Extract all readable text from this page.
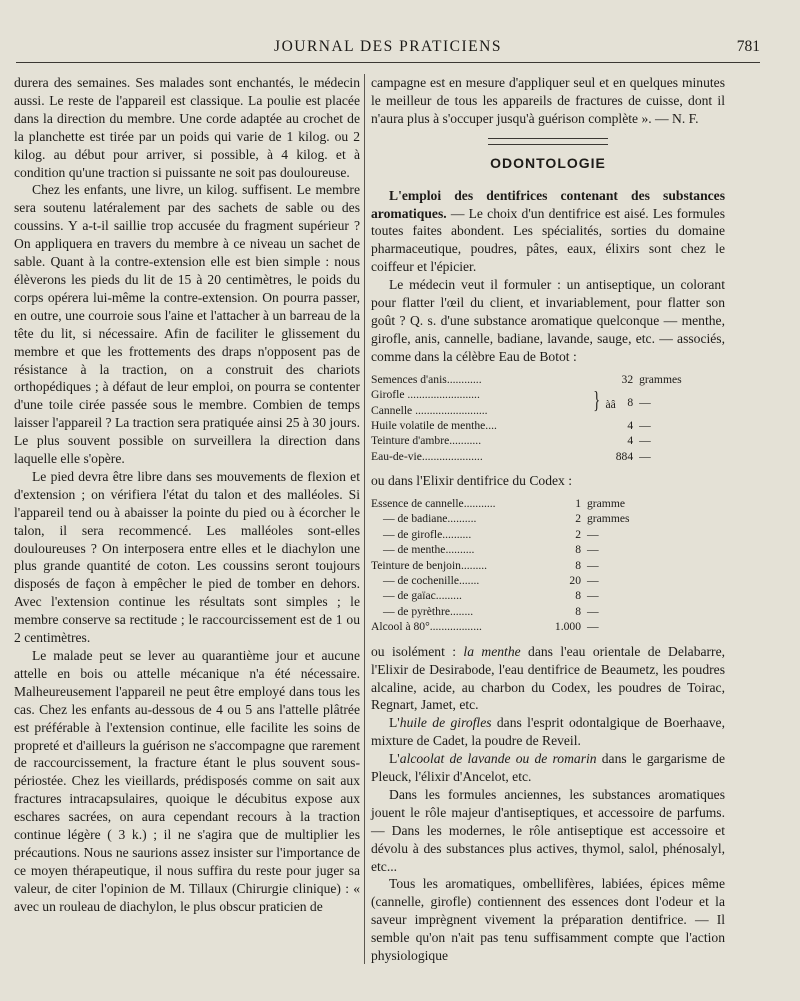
JOURNAL DES PRATICIENS	781

durera des semaines. Ses malades sont enchantés, le médecin aussi. Le reste de l'appareil est classique. La poulie est placée dans la direction du membre. Une corde adaptée au crochet de la planchette est tirée par un poids qui varie de 1 kilog. ou 2 kilog. au début pour arriver, si possible, à 4 kilog. et à condition qu'une traction si puissante ne soit pas douloureuse.

Chez les enfants, une livre, un kilog. suffisent. Le membre sera soutenu latéralement par des sachets de sable ou des coussins. Y a-t-il saillie trop accusée du fragment supérieur ? On appliquera en travers du membre à ce niveau un sachet de sable. Quant à la contre-extension elle est bien simple : nous élèverons les pieds du lit de 15 à 20 centimètres, le poids du corps opérera lui-même la contre-extension. On pourra passer, en outre, une courroie sous l'aine et l'attacher à un barreau de la tête du lit, si nécessaire. Afin de faciliter le glissement du membre et que les frottements des draps n'opposent pas de résistance à la traction, on a construit des chariots orthopédiques ; à défaut de leur emploi, on pourra se contenter d'une toile cirée passée sous le membre. Combien de temps laisser l'appareil ? La traction sera pratiquée ainsi 25 à 30 jours. Le plus souvent possible on surveillera la direction dans laquelle elle s'opère.

Le pied devra être libre dans ses mouvements de flexion et d'extension ; on vérifiera l'état du talon et des malléoles. Si l'appareil tend ou à abaisser la pointe du pied ou à écorcher le talon, il sera recommencé. Les malléoles sont-elles douloureuses ? On interposera entre elles et le diachylon une plus grande quantité de coton. Les coussins seront toujours disposés de façon à empêcher le pied de tomber en dehors. Avec l'extension continue les résultats sont simples ; le membre conserve sa rectitude ; le raccourcissement est de 1 ou 2 centimètres.

Le malade peut se lever au quarantième jour et aucune attelle en bois ou attelle mécanique n'a été nécessaire. Malheureusement l'appareil ne peut être employé dans tous les cas. Chez les enfants au-dessous de 4 ou 5 ans l'attelle plâtrée est préférable à l'extension continue, elle facilite les soins de propreté et d'ailleurs la guérison ne s'accompagne que rarement de raccourcissement, la fracture étant le plus souvent sous-périostée. Chez les vieillards, prédisposés comme on sait aux fractures intracapsulaires, quoique le décubitus expose aux eschares sacrées, on aura cependant recours à la traction continue légère ( 3 k.) ; il ne s'agira que de multiplier les précautions. Nous ne saurions assez insister sur l'importance de ce moyen thérapeutique, il nous suffira du reste pour juger sa valeur, de citer l'opinion de M. Tillaux (Chirurgie clinique) : « avec un rouleau de diachylon, le plus obscur praticien de

campagne est en mesure d'appliquer seul et en quelques minutes le meilleur de tous les appareils de fractures de cuisse, dont il n'aura plus à s'occuper jusqu'à guérison complète ». — N. F.

ODONTOLOGIE

L'emploi des dentifrices contenant des substances aromatiques. — Le choix d'un dentifrice est aisé. Les formules toutes faites abondent. Les spécialités, sorties du domaine pharmaceutique, poudres, pâtes, eaux, élixirs sont chez le coiffeur et l'épicier.

Le médecin veut il formuler : un antiseptique, un colorant pour flatter l'œil du client, et invariablement, pour flatter son goût ? Q. s. d'une substance aromatique quelconque — menthe, girofle, anis, cannelle, badiane, lavande, sauge, etc. — associés, comme dans la célèbre Eau de Botot :

Semences d'anis............		32	grammes
Girofle .........................	} àâ	8	—
Cannelle .........................			
Huile volatile de menthe....		4	—
Teinture d'ambre...........		4	—
Eau-de-vie.....................		884	—

ou dans l'Elixir dentifrice du Codex :

Essence de cannelle...........	1	gramme
— de badiane..........	2	grammes
— de girofle..........	2	—
— de menthe..........	8	—
Teinture de benjoin.........	8	—
— de cochenille.......	20	—
— de gaïac.........	8	—
— de pyrèthre........	8	—
Alcool à 80°..................	1.000	—

ou isolément : la menthe dans l'eau orientale de Delabarre, l'Elixir de Desirabode, l'eau dentifrice de Beaumetz, les poudres alcaline, acide, au charbon du Codex, les poudres de Toirac, Regnart, Jamet, etc.

L'huile de girofles dans l'esprit odontalgique de Boerhaave, mixture de Cadet, la poudre de Reveil.

L'alcoolat de lavande ou de romarin dans le gargarisme de Pleuck, l'élixir d'Ancelot, etc.

Dans les formules anciennes, les substances aromatiques jouent le rôle majeur d'antiseptiques, et accessoire de parfums. — Dans les modernes, le rôle antiseptique est accessoire et dévolu à des substances plus actives, thymol, salol, phénosalyl, etc...

Tous les aromatiques, ombellifères, labiées, épices même (cannelle, girofle) contiennent des essences dont l'odeur et la saveur imprègnent vivement la préparation dentifrice. — Il semble qu'on n'ait pas tenu suffisamment compte que l'action physiologique
